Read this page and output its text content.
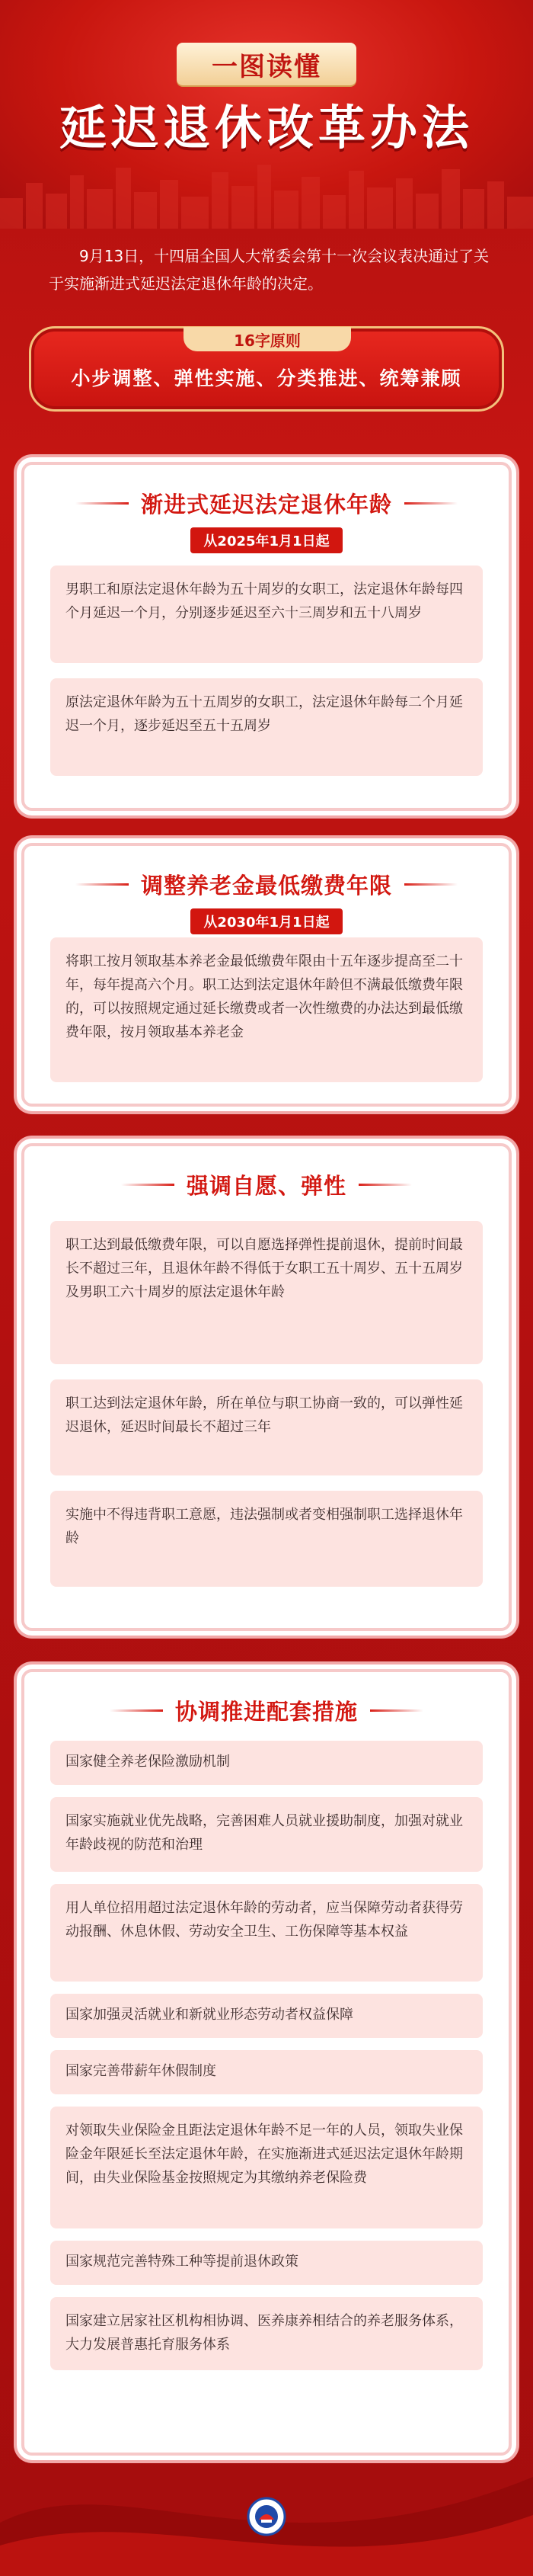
一图读懂
延迟退休改革办法

9月13日，十四届全国人大常委会第十一次会议表决通过了关于实施渐进式延迟法定退休年龄的决定。

16字原则
小步调整、弹性实施、分类推进、统筹兼顾
渐进式延迟法定退休年龄
从2025年1月1日起
男职工和原法定退休年龄为五十周岁的女职工，法定退休年龄每四个月延迟一个月，分别逐步延迟至六十三周岁和五十八周岁
原法定退休年龄为五十五周岁的女职工，法定退休年龄每二个月延迟一个月，逐步延迟至五十五周岁
调整养老金最低缴费年限
从2030年1月1日起
将职工按月领取基本养老金最低缴费年限由十五年逐步提高至二十年，每年提高六个月。职工达到法定退休年龄但不满最低缴费年限的，可以按照规定通过延长缴费或者一次性缴费的办法达到最低缴费年限，按月领取基本养老金
强调自愿、弹性
职工达到最低缴费年限，可以自愿选择弹性提前退休，提前时间最长不超过三年，且退休年龄不得低于女职工五十周岁、五十五周岁及男职工六十周岁的原法定退休年龄
职工达到法定退休年龄，所在单位与职工协商一致的，可以弹性延迟退休，延迟时间最长不超过三年
实施中不得违背职工意愿，违法强制或者变相强制职工选择退休年龄
协调推进配套措施
国家健全养老保险激励机制
国家实施就业优先战略，完善困难人员就业援助制度，加强对就业年龄歧视的防范和治理
用人单位招用超过法定退休年龄的劳动者，应当保障劳动者获得劳动报酬、休息休假、劳动安全卫生、工伤保障等基本权益
国家加强灵活就业和新就业形态劳动者权益保障
国家完善带薪年休假制度
对领取失业保险金且距法定退休年龄不足一年的人员，领取失业保险金年限延长至法定退休年龄，在实施渐进式延迟法定退休年龄期间，由失业保险基金按照规定为其缴纳养老保险费
国家规范完善特殊工种等提前退休政策
国家建立居家社区机构相协调、医养康养相结合的养老服务体系，大力发展普惠托育服务体系
